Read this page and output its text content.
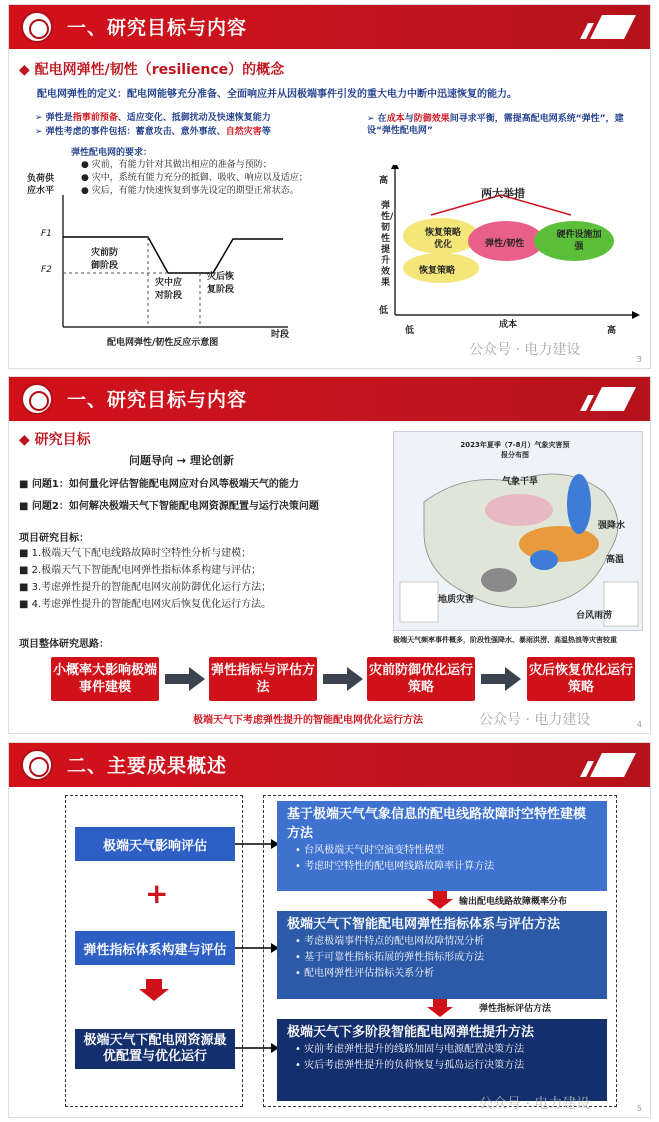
一、研究目标与内容
◆ 配电网弹性/韧性（resilience）的概念
配电网弹性的定义：配电网能够充分准备、全面响应并从因极端事件引发的重大电力中断中迅速恢复的能力。
➢ 弹性是指事前预备、适应变化、抵御扰动及快速恢复能力
➢ 弹性考虑的事件包括：蓄意攻击、意外事故、自然灾害等
弹性配电网的要求：
● 灾前，有能力针对其做出相应的准备与预防；
● 灾中，系统有能力充分的抵御、吸收、响应以及适应；
● 灾后，有能力快速恢复到事先设定的期望正常状态。
负荷供应水平
F1
F2
灾前防御阶段
灾中应对阶段
灾后恢复阶段
时段
配电网弹性/韧性反应示意图
➢ 在成本与防御效果间寻求平衡，需提高配电网系统“弹性”，建设“弹性配电网”
高
弹性/韧性提升效果
低
低
成本
高
两大举措
恢复策略优化
恢复策略
弹性/韧性
硬件设施加强
公众号 · 电力建设
3
一、研究目标与内容
◆ 研究目标
问题导向 → 理论创新
■ 问题1：如何量化评估智能配电网应对台风等极端天气的能力
■ 问题2：如何解决极端天气下智能配电网资源配置与运行决策问题
项目研究目标：
■ 1.极端天气下配电线路故障时空特性分析与建模；
■ 2.极端天气下智能配电网弹性指标体系构建与评估；
■ 3.考虑弹性提升的智能配电网灾前防御优化运行方法；
■ 4.考虑弹性提升的智能配电网灾后恢复优化运行方法。
2023年夏季（7-8月）气象灾害预报分布图
气象干旱
强降水
高温
地质灾害
台风雨涝
极端天气频率事件概多，阶段性强降水、暴雨洪涝、高温热浪等灾害较重
项目整体研究思路：
小概率大影响极端事件建模
弹性指标与评估方法
灾前防御优化运行策略
灾后恢复优化运行策略
极端天气下考虑弹性提升的智能配电网优化运行方法	公众号 · 电力建设	4
二、主要成果概述
极端天气影响评估
+
弹性指标体系构建与评估
极端天气下配电网资源最优配置与优化运行
基于极端天气气象信息的配电线路故障时空特性建模方法
• 台风极端天气时空演变特性模型
• 考虑时空特性的配电网线路故障率计算方法
输出配电线路故障概率分布
极端天气下智能配电网弹性指标体系与评估方法
• 考虑极端事件特点的配电网故障情况分析
• 基于可靠性指标拓展的弹性指标形成方法
• 配电网弹性评估指标关系分析
弹性指标评估方法
极端天气下多阶段智能配电网弹性提升方法
• 灾前考虑弹性提升的线路加固与电源配置决策方法
• 灾后考虑弹性提升的负荷恢复与孤岛运行决策方法
公众号 · 电力建设	5
